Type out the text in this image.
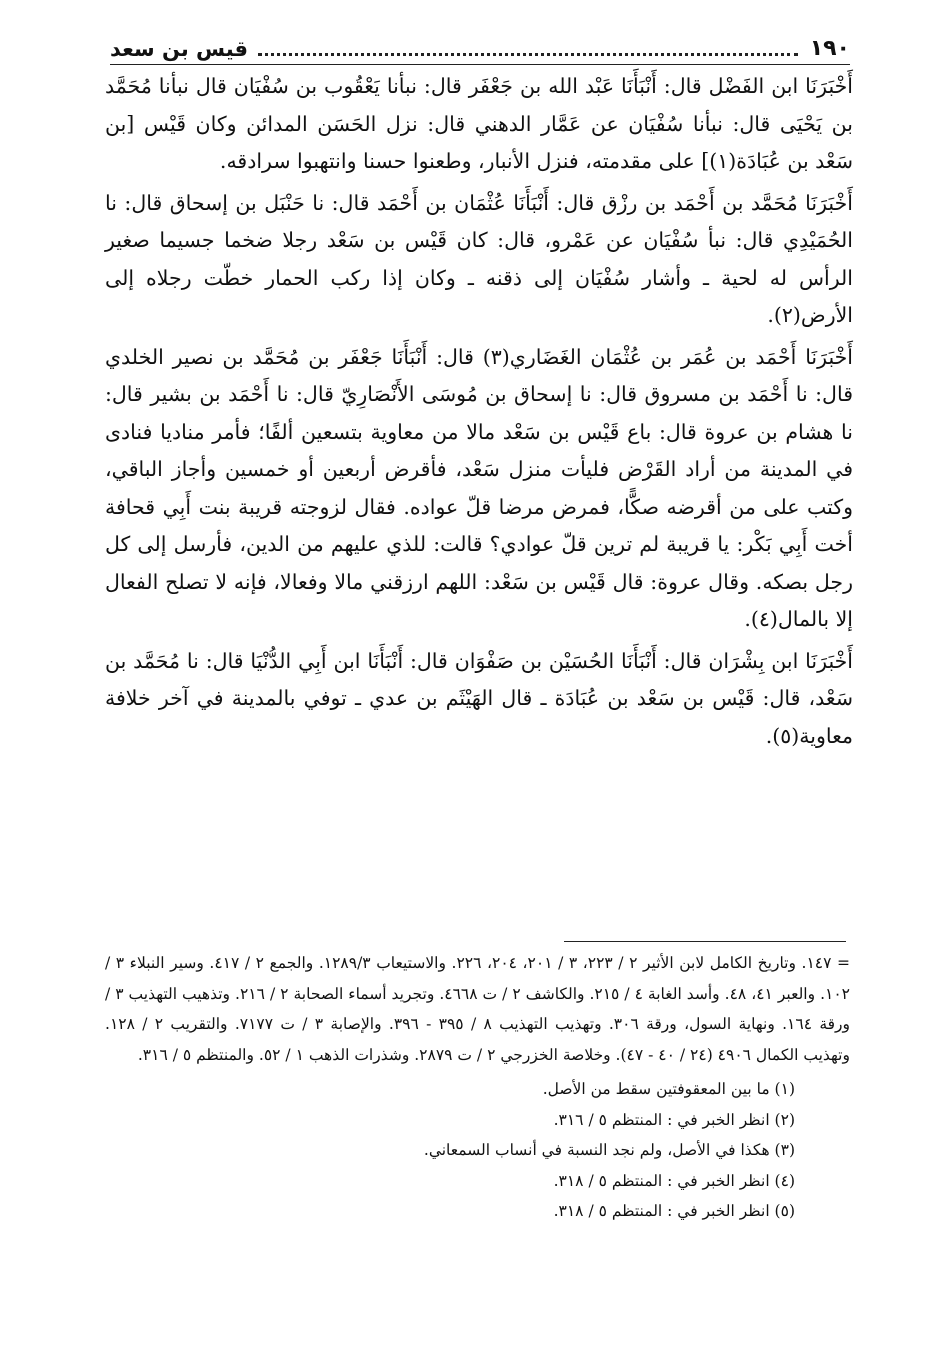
١٩٠
قيس بن سعد

أَخْبَرَنَا ابن الفَضْل قال: أَنْبَأَنَا عَبْد الله بن جَعْفَر قال: نبأنا يَعْقُوب بن سُفْيَان قال نبأنا مُحَمَّد بن يَحْيَى قال: نبأنا سُفْيَان عن عَمَّار الدهني قال: نزل الحَسَن المدائن وكان قَيْس [بن سَعْد بن عُبَادَة(١)] على مقدمته، فنزل الأنبار، وطعنوا حسنا وانتهبوا سرادقه.

أَخْبَرَنَا مُحَمَّد بن أَحْمَد بن رزْق قال: أَنْبَأَنَا عُثْمَان بن أَحْمَد قال: نا حَنْبَل بن إسحاق قال: نا الحُمَيْدِي قال: نبأ سُفْيَان عن عَمْرو، قال: كان قَيْس بن سَعْد رجلا ضخما جسيما صغير الرأس له لحية ـ وأشار سُفْيَان إلى ذقنه ـ وكان إذا ركب الحمار خطّت رجلاه إلى الأرض(٢).

أَخْبَرَنَا أَحْمَد بن عُمَر بن عُثْمَان الغَضَاري(٣) قال: أَنْبَأَنَا جَعْفَر بن مُحَمَّد بن نصير الخلدي قال: نا أَحْمَد بن مسروق قال: نا إسحاق بن مُوسَى الأَنْصَارِيّ قال: نا أَحْمَد بن بشير قال: نا هشام بن عروة قال: باع قَيْس بن سَعْد مالا من معاوية بتسعين ألفًا؛ فأمر مناديا فنادى في المدينة من أراد القَرْض فليأت منزل سَعْد، فأقرض أربعين أو خمسين وأجاز الباقي، وكتب على من أقرضه صكًّا، فمرض مرضا قلّ عواده. فقال لزوجته قريبة بنت أَبِي قحافة أخت أَبِي بَكْر: يا قريبة لم ترين قلّ عوادي؟ قالت: للذي عليهم من الدين، فأرسل إلى كل رجل بصكه. وقال عروة: قال قَيْس بن سَعْد: اللهم ارزقني مالا وفعالا، فإنه لا تصلح الفعال إلا بالمال(٤).

أَخْبَرَنَا ابن بِشْرَان قال: أَنْبَأَنَا الحُسَيْن بن صَفْوَان قال: أَنْبَأَنَا ابن أَبِي الدُّنْيَا قال: نا مُحَمَّد بن سَعْد، قال: قَيْس بن سَعْد بن عُبَادَة ـ قال الهَيْثَم بن عدي ـ توفي بالمدينة في آخر خلافة معاوية(٥).

= ١٤٧. وتاريخ الكامل لابن الأثير ٢ / ٢٢٣، ٣ / ٢٠١، ٢٠٤، ٢٢٦. والاستيعاب ١٢٨٩/٣. والجمع ٢ / ٤١٧. وسير النبلاء ٣ / ١٠٢. والعبر ٤١، ٤٨. وأسد الغابة ٤ / ٢١٥. والكاشف ٢ / ت ٤٦٦٨. وتجريد أسماء الصحابة ٢ / ٢١٦. وتذهيب التهذيب ٣ / ورقة ١٦٤. ونهاية السول، ورقة ٣٠٦. وتهذيب التهذيب ٨ / ٣٩٥ - ٣٩٦. والإصابة ٣ / ت ٧١٧٧. والتقريب ٢ / ١٢٨. وتهذيب الكمال ٤٩٠٦ (٢٤ / ٤٠ - ٤٧). وخلاصة الخزرجي ٢ / ت ٢٨٧٩. وشذرات الذهب ١ / ٥٢. والمنتظم ٥ / ٣١٦.

(١) ما بين المعقوفتين سقط من الأصل.

(٢) انظر الخبر في : المنتظم ٥ / ٣١٦.

(٣) هكذا في الأصل، ولم نجد النسبة في أنساب السمعاني.

(٤) انظر الخبر في : المنتظم ٥ / ٣١٨.

(٥) انظر الخبر في : المنتظم ٥ / ٣١٨.
